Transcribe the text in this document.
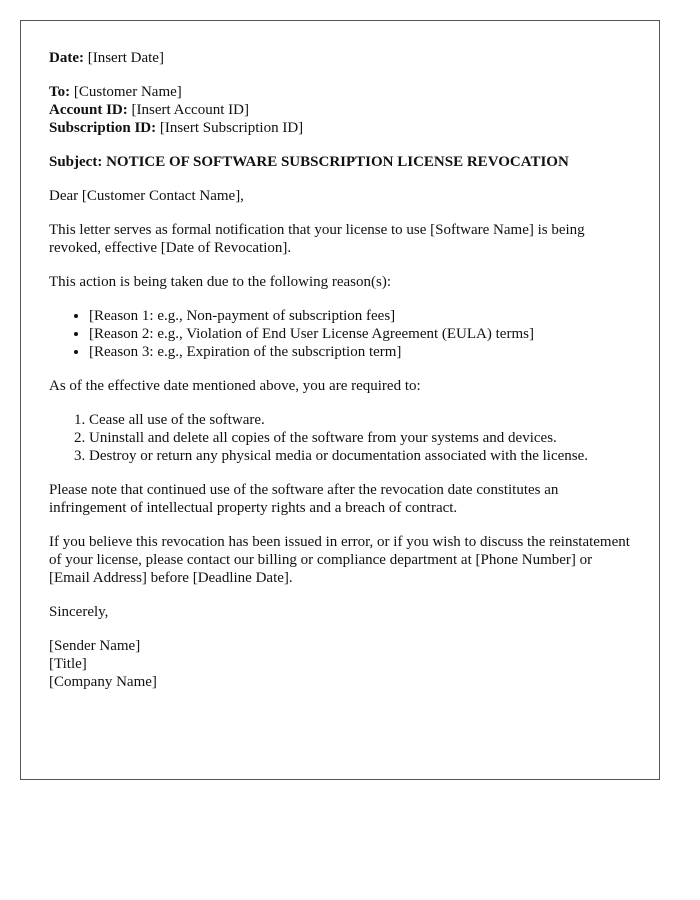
Date: [Insert Date]

To: [Customer Name]

Account ID: [Insert Account ID]

Subscription ID: [Insert Subscription ID]

Subject: NOTICE OF SOFTWARE SUBSCRIPTION LICENSE REVOCATION

Dear [Customer Contact Name],

This letter serves as formal notification that your license to use [Software Name] is being revoked, effective [Date of Revocation].

This action is being taken due to the following reason(s):

• [Reason 1: e.g., Non-payment of subscription fees]
• [Reason 2: e.g., Violation of End User License Agreement (EULA) terms]
• [Reason 3: e.g., Expiration of the subscription term]

As of the effective date mentioned above, you are required to:

1. Cease all use of the software.
2. Uninstall and delete all copies of the software from your systems and devices.
3. Destroy or return any physical media or documentation associated with the license.

Please note that continued use of the software after the revocation date constitutes an infringement of intellectual property rights and a breach of contract.

If you believe this revocation has been issued in error, or if you wish to discuss the reinstatement of your license, please contact our billing or compliance department at [Phone Number] or [Email Address] before [Deadline Date].

Sincerely,

[Sender Name]

[Title]

[Company Name]
